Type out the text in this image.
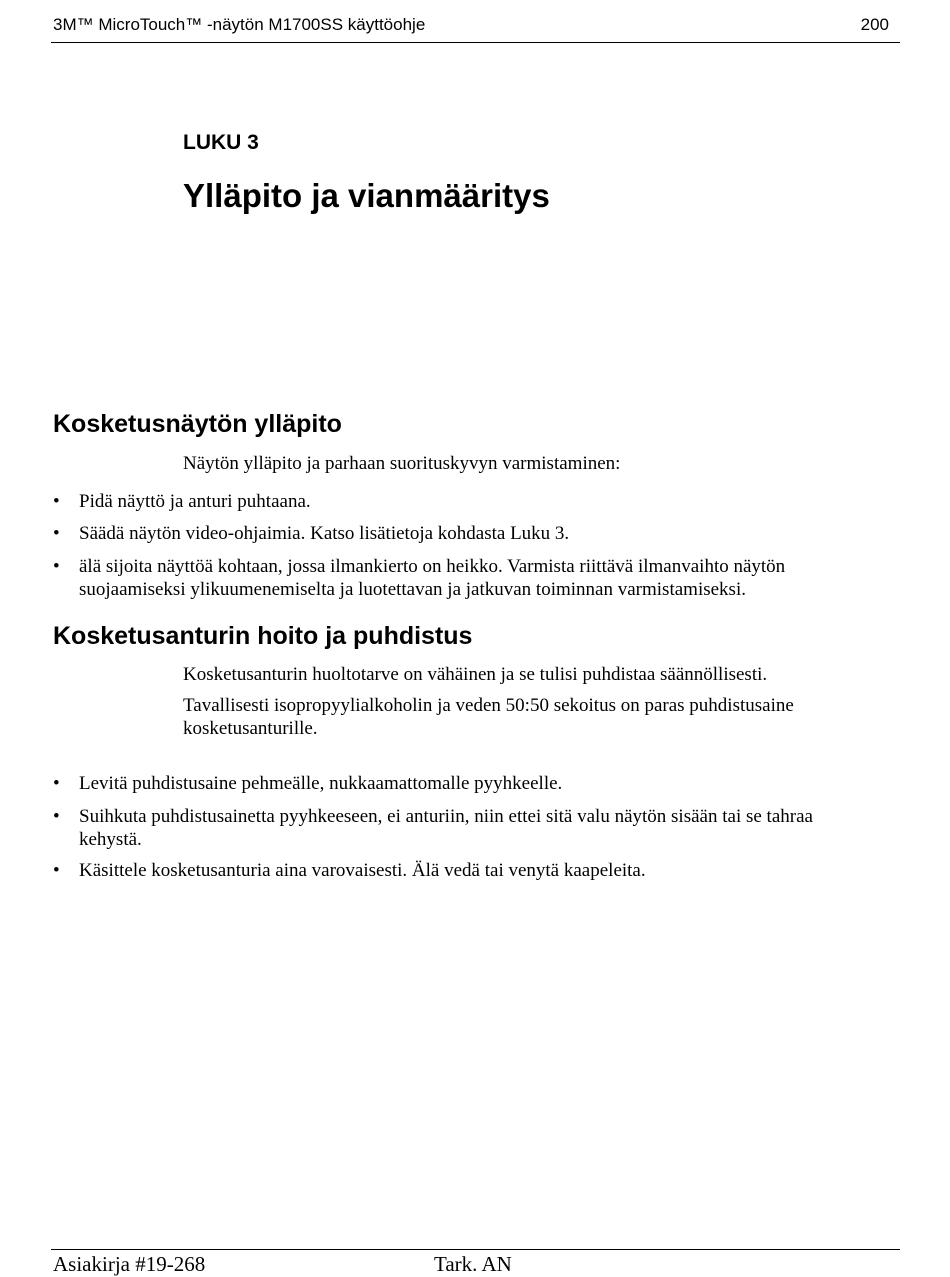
3M™ MicroTouch™ -näytön M1700SS käyttöohje	200
LUKU 3
Ylläpito ja vianmääritys
Kosketusnäytön ylläpito
Näytön ylläpito ja parhaan suorituskyvyn varmistaminen:
•	Pidä näyttö ja anturi puhtaana.
•	Säädä näytön video-ohjaimia. Katso lisätietoja kohdasta Luku 3.
•	älä sijoita näyttöä kohtaan, jossa ilmankierto on heikko. Varmista riittävä ilmanvaihto näytön suojaamiseksi ylikuumenemiselta ja luotettavan ja jatkuvan toiminnan varmistamiseksi.
Kosketusanturin hoito ja puhdistus
Kosketusanturin huoltotarve on vähäinen ja se tulisi puhdistaa säännöllisesti.
Tavallisesti isopropyylialkoholin ja veden 50:50 sekoitus on paras puhdistusaine kosketusanturille.
•	Levitä puhdistusaine pehmeälle, nukkaamattomalle pyyhkeelle.
•	Suihkuta puhdistusainetta pyyhkeeseen, ei anturiin, niin ettei sitä valu näytön sisään tai se tahraa kehystä.
•	Käsittele kosketusanturia aina varovaisesti. Älä vedä tai venytä kaapeleita.
Asiakirja #19-268	Tark. AN
